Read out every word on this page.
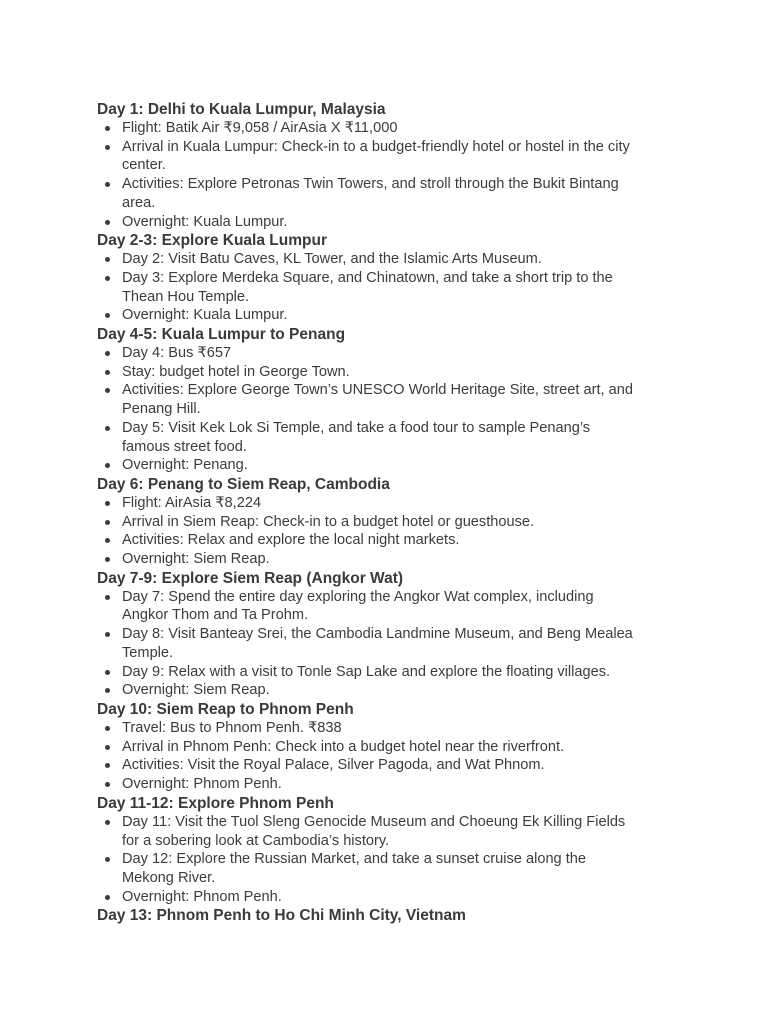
Day 1: Delhi to Kuala Lumpur, Malaysia
Flight: Batik Air ₹9,058 / AirAsia X ₹11,000
Arrival in Kuala Lumpur: Check-in to a budget-friendly hotel or hostel in the city center.
Activities: Explore Petronas Twin Towers, and stroll through the Bukit Bintang area.
Overnight: Kuala Lumpur.
Day 2-3: Explore Kuala Lumpur
Day 2: Visit Batu Caves, KL Tower, and the Islamic Arts Museum.
Day 3: Explore Merdeka Square, and Chinatown, and take a short trip to the Thean Hou Temple.
Overnight: Kuala Lumpur.
Day 4-5: Kuala Lumpur to Penang
Day 4: Bus ₹657
Stay: budget hotel in George Town.
Activities: Explore George Town’s UNESCO World Heritage Site, street art, and Penang Hill.
Day 5: Visit Kek Lok Si Temple, and take a food tour to sample Penang’s famous street food.
Overnight: Penang.
Day 6: Penang to Siem Reap, Cambodia
Flight: AirAsia ₹8,224
Arrival in Siem Reap: Check-in to a budget hotel or guesthouse.
Activities: Relax and explore the local night markets.
Overnight: Siem Reap.
Day 7-9: Explore Siem Reap (Angkor Wat)
Day 7: Spend the entire day exploring the Angkor Wat complex, including Angkor Thom and Ta Prohm.
Day 8: Visit Banteay Srei, the Cambodia Landmine Museum, and Beng Mealea Temple.
Day 9: Relax with a visit to Tonle Sap Lake and explore the floating villages.
Overnight: Siem Reap.
Day 10: Siem Reap to Phnom Penh
Travel: Bus to Phnom Penh. ₹838
Arrival in Phnom Penh: Check into a budget hotel near the riverfront.
Activities: Visit the Royal Palace, Silver Pagoda, and Wat Phnom.
Overnight: Phnom Penh.
Day 11-12: Explore Phnom Penh
Day 11: Visit the Tuol Sleng Genocide Museum and Choeung Ek Killing Fields for a sobering look at Cambodia’s history.
Day 12: Explore the Russian Market, and take a sunset cruise along the Mekong River.
Overnight: Phnom Penh.
Day 13: Phnom Penh to Ho Chi Minh City, Vietnam
